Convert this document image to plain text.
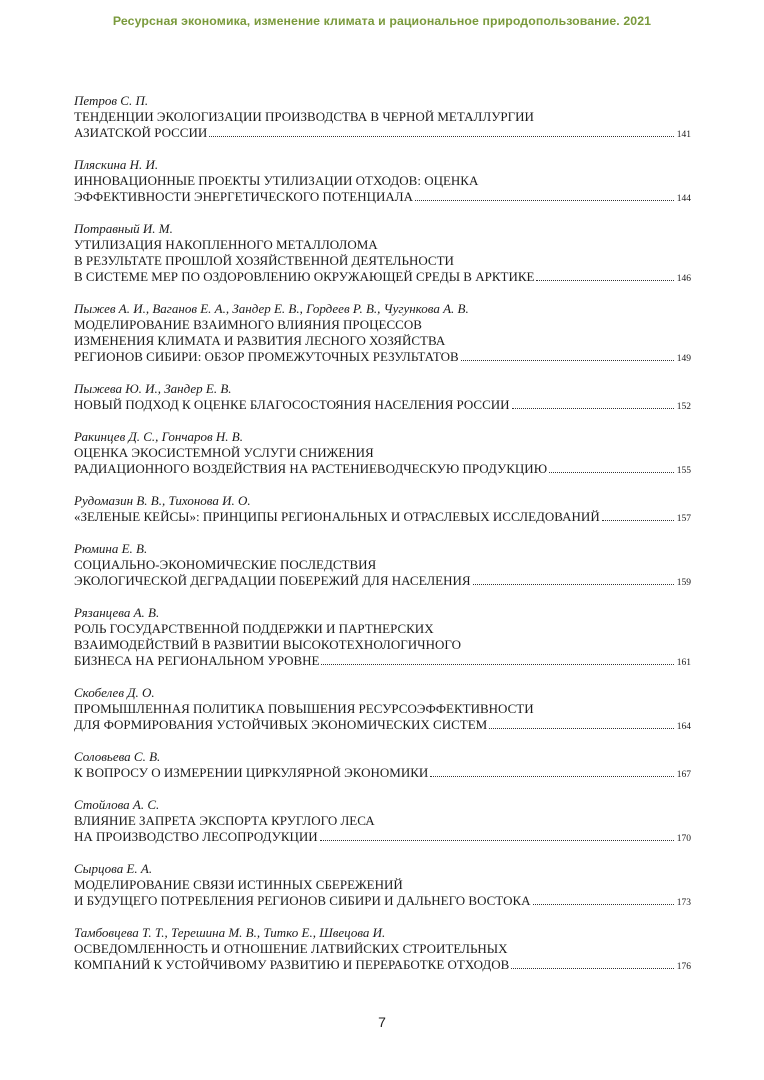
Ресурсная экономика, изменение климата и рациональное природопользование. 2021
Петров С. П.
ТЕНДЕНЦИИ ЭКОЛОГИЗАЦИИ ПРОИЗВОДСТВА В ЧЕРНОЙ МЕТАЛЛУРГИИ
АЗИАТСКОЙ РОССИИ	141
Пляскина Н. И.
ИННОВАЦИОННЫЕ ПРОЕКТЫ УТИЛИЗАЦИИ ОТХОДОВ: ОЦЕНКА
ЭФФЕКТИВНОСТИ ЭНЕРГЕТИЧЕСКОГО ПОТЕНЦИАЛА	144
Потравный И. М.
УТИЛИЗАЦИЯ НАКОПЛЕННОГО МЕТАЛЛОЛОМА
В РЕЗУЛЬТАТЕ ПРОШЛОЙ ХОЗЯЙСТВЕННОЙ ДЕЯТЕЛЬНОСТИ
В СИСТЕМЕ МЕР ПО ОЗДОРОВЛЕНИЮ ОКРУЖАЮЩЕЙ СРЕДЫ В АРКТИКЕ	146
Пыжев А. И., Ваганов Е. А., Зандер Е. В., Гордеев Р. В., Чугункова А. В.
МОДЕЛИРОВАНИЕ ВЗАИМНОГО ВЛИЯНИЯ ПРОЦЕССОВ
ИЗМЕНЕНИЯ КЛИМАТА И РАЗВИТИЯ ЛЕСНОГО ХОЗЯЙСТВА
РЕГИОНОВ СИБИРИ: ОБЗОР ПРОМЕЖУТОЧНЫХ РЕЗУЛЬТАТОВ	149
Пыжева Ю. И., Зандер Е. В.
НОВЫЙ ПОДХОД К ОЦЕНКЕ БЛАГОСОСТОЯНИЯ НАСЕЛЕНИЯ РОССИИ	152
Ракинцев Д. С., Гончаров Н. В.
ОЦЕНКА ЭКОСИСТЕМНОЙ УСЛУГИ СНИЖЕНИЯ
РАДИАЦИОННОГО ВОЗДЕЙСТВИЯ НА РАСТЕНИЕВОДЧЕСКУЮ ПРОДУКЦИЮ	155
Рудомазин В. В., Тихонова И. О.
«ЗЕЛЕНЫЕ КЕЙСЫ»: ПРИНЦИПЫ РЕГИОНАЛЬНЫХ И ОТРАСЛЕВЫХ ИССЛЕДОВАНИЙ	157
Рюмина Е. В.
СОЦИАЛЬНО-ЭКОНОМИЧЕСКИЕ ПОСЛЕДСТВИЯ
ЭКОЛОГИЧЕСКОЙ ДЕГРАДАЦИИ ПОБЕРЕЖИЙ ДЛЯ НАСЕЛЕНИЯ	159
Рязанцева А. В.
РОЛЬ ГОСУДАРСТВЕННОЙ ПОДДЕРЖКИ И ПАРТНЕРСКИХ
ВЗАИМОДЕЙСТВИЙ В РАЗВИТИИ ВЫСОКОТЕХНОЛОГИЧНОГО
БИЗНЕСА НА РЕГИОНАЛЬНОМ УРОВНЕ	161
Скобелев Д. О.
ПРОМЫШЛЕННАЯ ПОЛИТИКА ПОВЫШЕНИЯ РЕСУРСОЭФФЕКТИВНОСТИ
ДЛЯ ФОРМИРОВАНИЯ УСТОЙЧИВЫХ ЭКОНОМИЧЕСКИХ СИСТЕМ	164
Соловьева С. В.
К ВОПРОСУ О ИЗМЕРЕНИИ ЦИРКУЛЯРНОЙ ЭКОНОМИКИ	167
Стойлова А. С.
ВЛИЯНИЕ ЗАПРЕТА ЭКСПОРТА КРУГЛОГО ЛЕСА
НА ПРОИЗВОДСТВО ЛЕСОПРОДУКЦИИ	170
Сырцова Е. А.
МОДЕЛИРОВАНИЕ СВЯЗИ ИСТИННЫХ СБЕРЕЖЕНИЙ
И БУДУЩЕГО ПОТРЕБЛЕНИЯ РЕГИОНОВ СИБИРИ И ДАЛЬНЕГО ВОСТОКА	173
Тамбовцева Т. Т., Терешина М. В., Титко Е., Швецова И.
ОСВЕДОМЛЕННОСТЬ И ОТНОШЕНИЕ ЛАТВИЙСКИХ СТРОИТЕЛЬНЫХ
КОМПАНИЙ К УСТОЙЧИВОМУ РАЗВИТИЮ И ПЕРЕРАБОТКЕ ОТХОДОВ	176
7
